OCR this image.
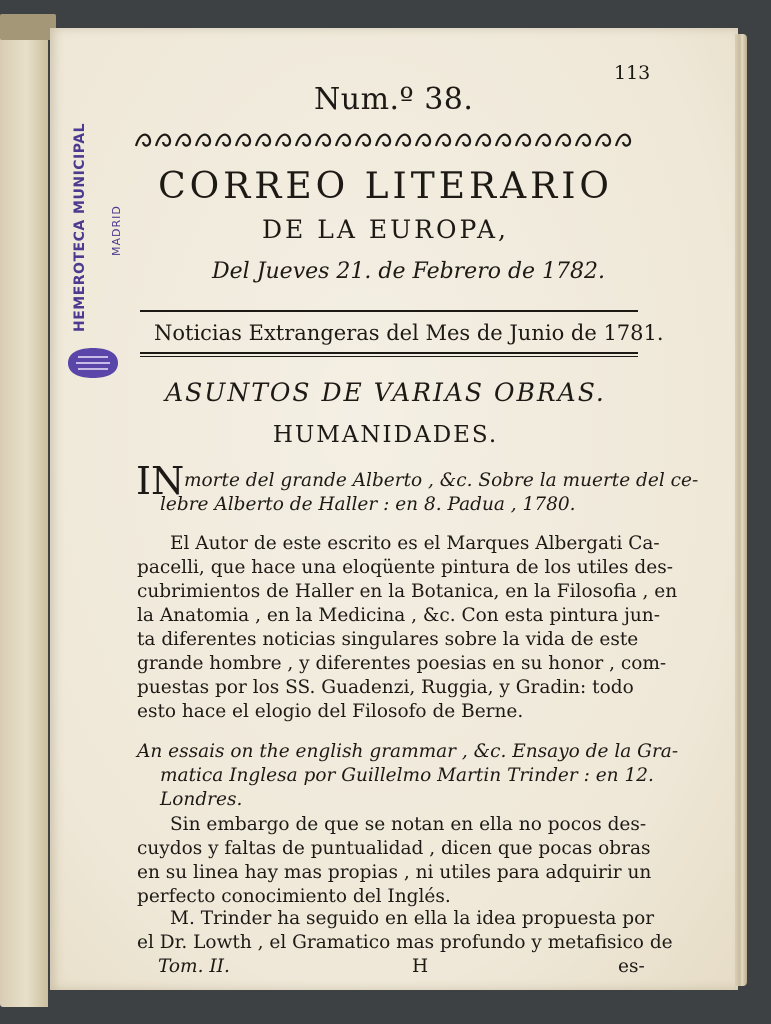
HEMEROTECA MUNICIPAL MADRID
113
Num.º 38.
CORREO LITERARIO
DE LA EUROPA,
Del Jueves 21. de Febrero de 1782.
Noticias Extrangeras del Mes de Junio de 1781.
ASUNTOS DE VARIAS OBRAS.
HUMANIDADES.
IN morte del grande Alberto , &c. Sobre la muerte del ce-
lebre Alberto de Haller : en 8. Padua , 1780.
El Autor de este escrito es el Marques Albergati Ca-
pacelli, que hace una eloqüente pintura de los utiles des-
cubrimientos de Haller en la Botanica, en la Filosofia , en
la Anatomia , en la Medicina , &c. Con esta pintura jun-
ta diferentes noticias singulares sobre la vida de este
grande hombre , y diferentes poesias en su honor , com-
puestas por los SS. Guadenzi, Ruggia, y Gradin: todo
esto hace el elogio del Filosofo de Berne.
An essais on the english grammar , &c. Ensayo de la Gra-
matica Inglesa por Guillelmo Martin Trinder : en 12.
Londres.
Sin embargo de que se notan en ella no pocos des-
cuydos y faltas de puntualidad , dicen que pocas obras
en su linea hay mas propias , ni utiles para adquirir un
perfecto conocimiento del Inglés.
M. Trinder ha seguido en ella la idea propuesta por
el Dr. Lowth , el Gramatico mas profundo y metafisico de
Tom. II.	H	es-
